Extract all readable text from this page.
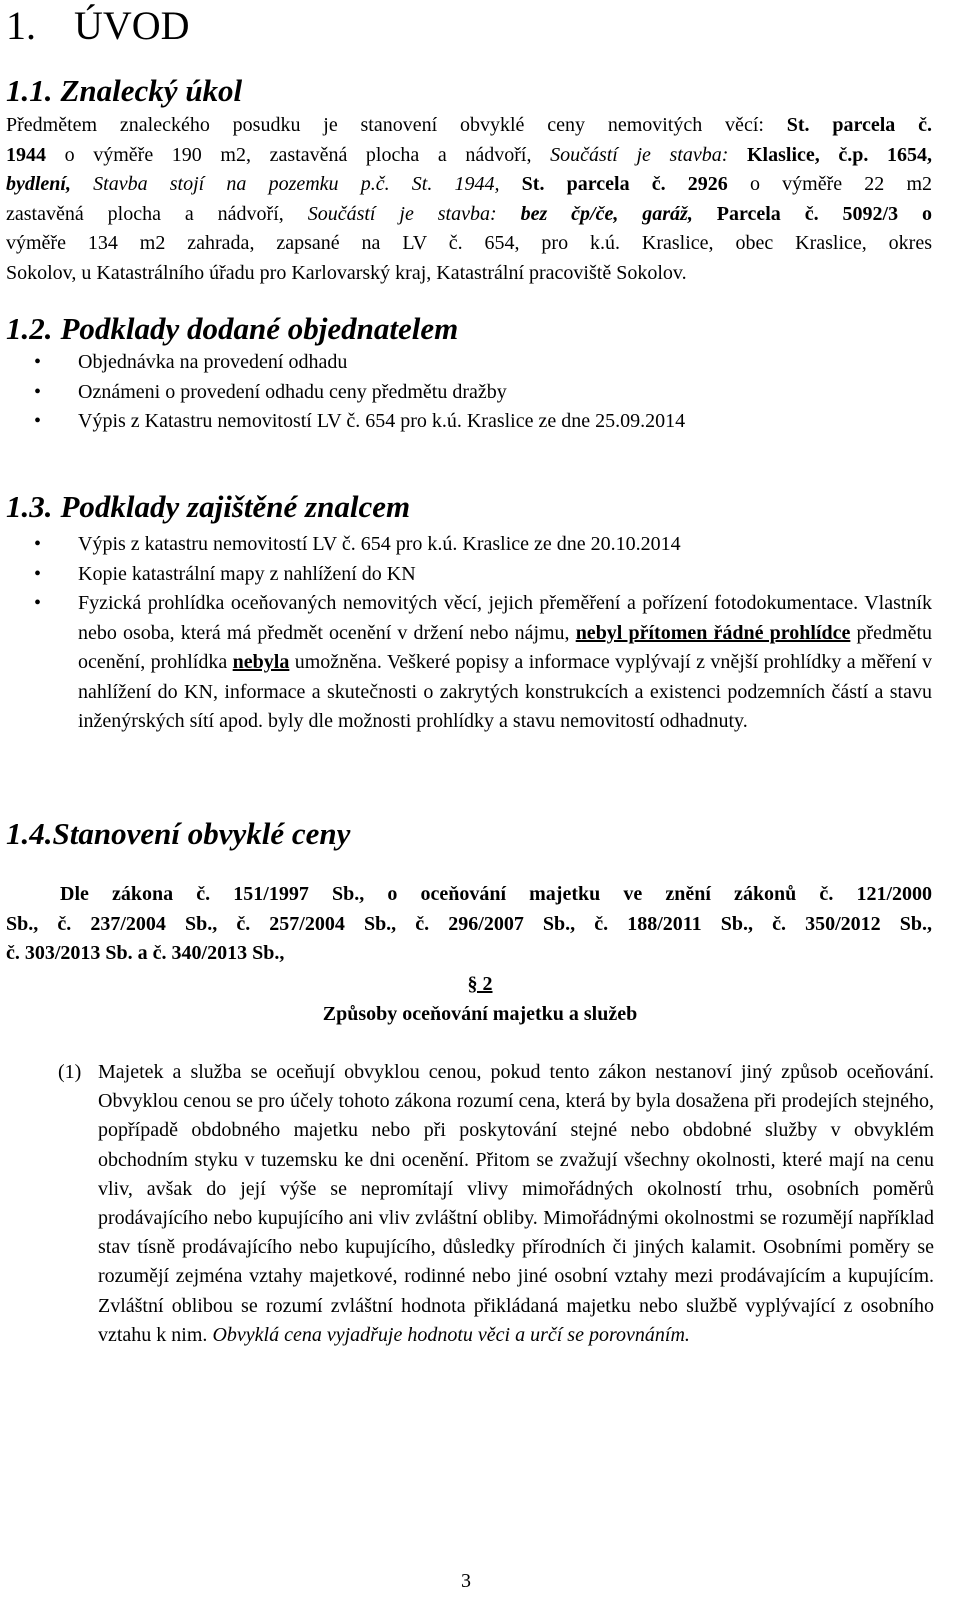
1. ÚVOD
1.1. Znalecký úkol
Předmětem znaleckého posudku je stanovení obvyklé ceny nemovitých věcí: St. parcela č.
1944 o výměře 190 m2, zastavěná plocha a nádvoří, Součástí je stavba: Klaslice, č.p. 1654,
bydlení, Stavba stojí na pozemku p.č. St. 1944, St. parcela č. 2926 o výměře 22 m2
zastavěná plocha a nádvoří, Součástí je stavba: bez čp/če, garáž, Parcela č. 5092/3 o
výměře 134 m2 zahrada, zapsané na LV č. 654, pro k.ú. Kraslice, obec Kraslice, okres
Sokolov, u Katastrálního úřadu pro Karlovarský kraj, Katastrální pracoviště Sokolov.
1.2. Podklady dodané objednatelem
• Objednávka na provedení odhadu
• Oznámeni o provedení odhadu ceny předmětu dražby
• Výpis z Katastru nemovitostí LV č. 654 pro k.ú. Kraslice ze dne 25.09.2014
1.3. Podklady zajištěné znalcem
• Výpis z katastru nemovitostí LV č. 654 pro k.ú. Kraslice ze dne 20.10.2014
• Kopie katastrální mapy z nahlížení do KN
• Fyzická prohlídka oceňovaných nemovitých věcí, jejich přeměření a pořízení fotodokumentace. Vlastník nebo osoba, která má předmět ocenění v držení nebo nájmu, nebyl přítomen řádné prohlídce předmětu ocenění, prohlídka nebyla umožněna. Veškeré popisy a informace vyplývají z vnější prohlídky a měření v nahlížení do KN, informace a skutečnosti o zakrytých konstrukcích a existenci podzemních částí a stavu inženýrských sítí apod. byly dle možnosti prohlídky a stavu nemovitostí odhadnuty.
1.4.Stanovení obvyklé ceny
Dle zákona č. 151/1997 Sb., o oceňování majetku ve znění zákonů č. 121/2000
Sb., č. 237/2004 Sb., č. 257/2004 Sb., č. 296/2007 Sb., č. 188/2011 Sb., č. 350/2012 Sb.,
č. 303/2013 Sb. a č. 340/2013 Sb.,
§ 2
Způsoby oceňování majetku a služeb
(1) Majetek a služba se oceňují obvyklou cenou, pokud tento zákon nestanoví jiný způsob oceňování. Obvyklou cenou se pro účely tohoto zákona rozumí cena, která by byla dosažena při prodejích stejného, popřípadě obdobného majetku nebo při poskytování stejné nebo obdobné služby v obvyklém obchodním styku v tuzemsku ke dni ocenění. Přitom se zvažují všechny okolnosti, které mají na cenu vliv, avšak do její výše se nepromítají vlivy mimořádných okolností trhu, osobních poměrů prodávajícího nebo kupujícího ani vliv zvláštní obliby. Mimořádnými okolnostmi se rozumějí například stav tísně prodávajícího nebo kupujícího, důsledky přírodních či jiných kalamit. Osobními poměry se rozumějí zejména vztahy majetkové, rodinné nebo jiné osobní vztahy mezi prodávajícím a kupujícím. Zvláštní oblibou se rozumí zvláštní hodnota přikládaná majetku nebo službě vyplývající z osobního vztahu k nim. Obvyklá cena vyjadřuje hodnotu věci a určí se porovnáním.
3
